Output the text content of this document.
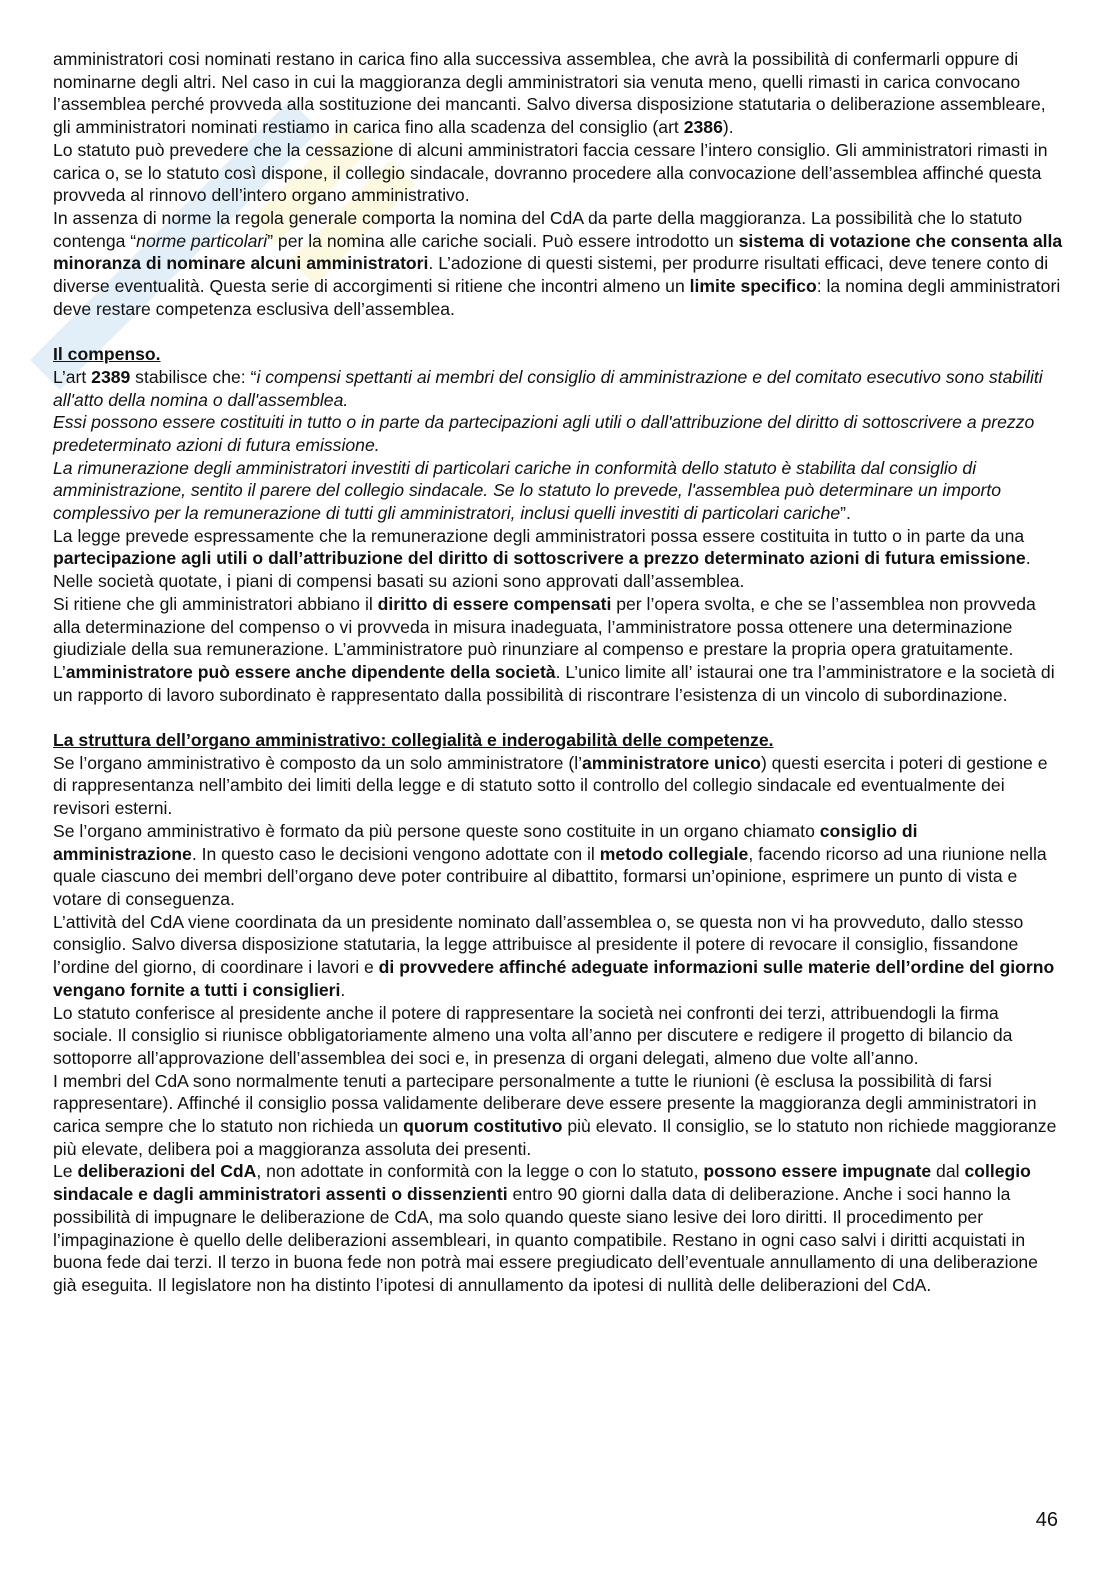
amministratori cosi nominati restano in carica fino alla successiva assemblea, che avrà la possibilità di confermarli oppure di nominarne degli altri. Nel caso in cui la maggioranza degli amministratori sia venuta meno, quelli rimasti in carica convocano l’assemblea perché provveda alla sostituzione dei mancanti. Salvo diversa disposizione statutaria o deliberazione assembleare, gli amministratori nominati restiamo in carica fino alla scadenza del consiglio (art 2386).

Lo statuto può prevedere che la cessazione di alcuni amministratori faccia cessare l’intero consiglio. Gli amministratori rimasti in carica o, se lo statuto così dispone, il collegio sindacale, dovranno procedere alla convocazione dell’assemblea affinché questa provveda al rinnovo dell’intero organo amministrativo.

In assenza di norme la regola generale comporta la nomina del CdA da parte della maggioranza. La possibilità che lo statuto contenga “norme particolari” per la nomina alle cariche sociali. Può essere introdotto un sistema di votazione che consenta alla minoranza di nominare alcuni amministratori. L’adozione di questi sistemi, per produrre risultati efficaci, deve tenere conto di diverse eventualità. Questa serie di accorgimenti si ritiene che incontri almeno un limite specifico: la nomina degli amministratori deve restare competenza esclusiva dell’assemblea.

Il compenso.

L’art 2389 stabilisce che: “i compensi spettanti ai membri del consiglio di amministrazione e del comitato esecutivo sono stabiliti all'atto della nomina o dall'assemblea.

Essi possono essere costituiti in tutto o in parte da partecipazioni agli utili o dall'attribuzione del diritto di sottoscrivere a prezzo predeterminato azioni di futura emissione.

La rimunerazione degli amministratori investiti di particolari cariche in conformità dello statuto è stabilita dal consiglio di amministrazione, sentito il parere del collegio sindacale. Se lo statuto lo prevede, l'assemblea può determinare un importo complessivo per la remunerazione di tutti gli amministratori, inclusi quelli investiti di particolari cariche”.

La legge prevede espressamente che la remunerazione degli amministratori possa essere costituita in tutto o in parte da una partecipazione agli utili o dall’attribuzione del diritto di sottoscrivere a prezzo determinato azioni di futura emissione. Nelle società quotate, i piani di compensi basati su azioni sono approvati dall’assemblea.

Si ritiene che gli amministratori abbiano il diritto di essere compensati per l’opera svolta, e che se l’assemblea non provveda alla determinazione del compenso o vi provveda in misura inadeguata, l’amministratore possa ottenere una determinazione giudiziale della sua remunerazione. L’amministratore può rinunziare al compenso e prestare la propria opera gratuitamente.

L’amministratore può essere anche dipendente della società. L’unico limite all’ istaurai one tra l’amministratore e la società di un rapporto di lavoro subordinato è rappresentato dalla possibilità di riscontrare l’esistenza di un vincolo di subordinazione.

La struttura dell’organo amministrativo: collegialità e inderogabilità delle competenze.

Se l’organo amministrativo è composto da un solo amministratore (l’amministratore unico) questi esercita i poteri di gestione e di rappresentanza nell’ambito dei limiti della legge e di statuto sotto il controllo del collegio sindacale ed eventualmente dei revisori esterni.

Se l’organo amministrativo è formato da più persone queste sono costituite in un organo chiamato consiglio di amministrazione. In questo caso le decisioni vengono adottate con il metodo collegiale, facendo ricorso ad una riunione nella quale ciascuno dei membri dell’organo deve poter contribuire al dibattito, formarsi un’opinione, esprimere un punto di vista e votare di conseguenza.

L’attività del CdA viene coordinata da un presidente nominato dall’assemblea o, se questa non vi ha provveduto, dallo stesso consiglio. Salvo diversa disposizione statutaria, la legge attribuisce al presidente il potere di revocare il consiglio, fissandone l’ordine del giorno, di coordinare i lavori e di provvedere affinché adeguate informazioni sulle materie dell’ordine del giorno vengano fornite a tutti i consiglieri.

Lo statuto conferisce al presidente anche il potere di rappresentare la società nei confronti dei terzi, attribuendogli la firma sociale. Il consiglio si riunisce obbligatoriamente almeno una volta all’anno per discutere e redigere il progetto di bilancio da sottoporre all’approvazione dell’assemblea dei soci e, in presenza di organi delegati, almeno due volte all’anno.

I membri del CdA sono normalmente tenuti a partecipare personalmente a tutte le riunioni (è esclusa la possibilità di farsi rappresentare). Affinché il consiglio possa validamente deliberare deve essere presente la maggioranza degli amministratori in carica sempre che lo statuto non richieda un quorum costitutivo più elevato. Il consiglio, se lo statuto non richiede maggioranze più elevate, delibera poi a maggioranza assoluta dei presenti.

Le deliberazioni del CdA, non adottate in conformità con la legge o con lo statuto, possono essere impugnate dal collegio sindacale e dagli amministratori assenti o dissenzienti entro 90 giorni dalla data di deliberazione. Anche i soci hanno la possibilità di impugnare le deliberazione de CdA, ma solo quando queste siano lesive dei loro diritti. Il procedimento per l’impaginazione è quello delle deliberazioni assembleari, in quanto compatibile. Restano in ogni caso salvi i diritti acquistati in buona fede dai terzi. Il terzo in buona fede non potrà mai essere pregiudicato dell’eventuale annullamento di una deliberazione già eseguita. Il legislatore non ha distinto l’ipotesi di annullamento da ipotesi di nullità delle deliberazioni del CdA.

46
